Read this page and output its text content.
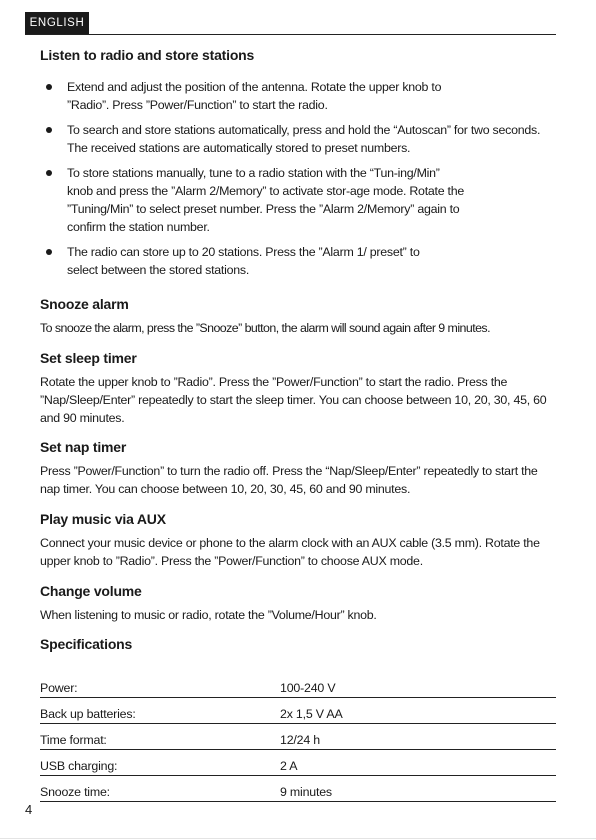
ENGLISH
Listen to radio and store stations
Extend and adjust the position of the antenna. Rotate the upper knob to ”Radio”. Press ”Power/Function” to start the radio.
To search and store stations automatically, press and hold the “Autoscan” for two seconds. The received stations are automatically stored to preset numbers.
To store stations manually, tune to a radio station with the “Tun-ing/Min” knob and press the ”Alarm 2/Memory” to activate stor-age mode. Rotate the ”Tuning/Min” to select preset number. Press the ”Alarm 2/Memory” again to confirm the station number.
The radio can store up to 20 stations. Press the ”Alarm 1/ preset” to select between the stored stations.
Snooze alarm

To snooze the alarm, press the ”Snooze” button, the alarm will sound again after 9 minutes.

Set sleep timer

Rotate the upper knob to ”Radio”. Press the ”Power/Function” to start the radio. Press the ”Nap/Sleep/Enter” repeatedly to start the sleep timer. You can choose between 10, 20, 30, 45, 60 and 90 minutes.

Set nap timer

Press ”Power/Function” to turn the radio off. Press the “Nap/Sleep/Enter” repeatedly to start the nap timer. You can choose between 10, 20, 30, 45, 60 and 90 minutes.

Play music via AUX

Connect your music device or phone to the alarm clock with an AUX cable (3.5 mm). Rotate the upper knob to ”Radio”. Press the ”Power/Function” to choose AUX mode.

Change volume

When listening to music or radio, rotate the ”Volume/Hour” knob.

Specifications
Power:	100-240 V
Back up batteries:	2x 1,5 V AA
Time format:	12/24 h
USB charging:	2 A
Snooze time:	9 minutes
4
